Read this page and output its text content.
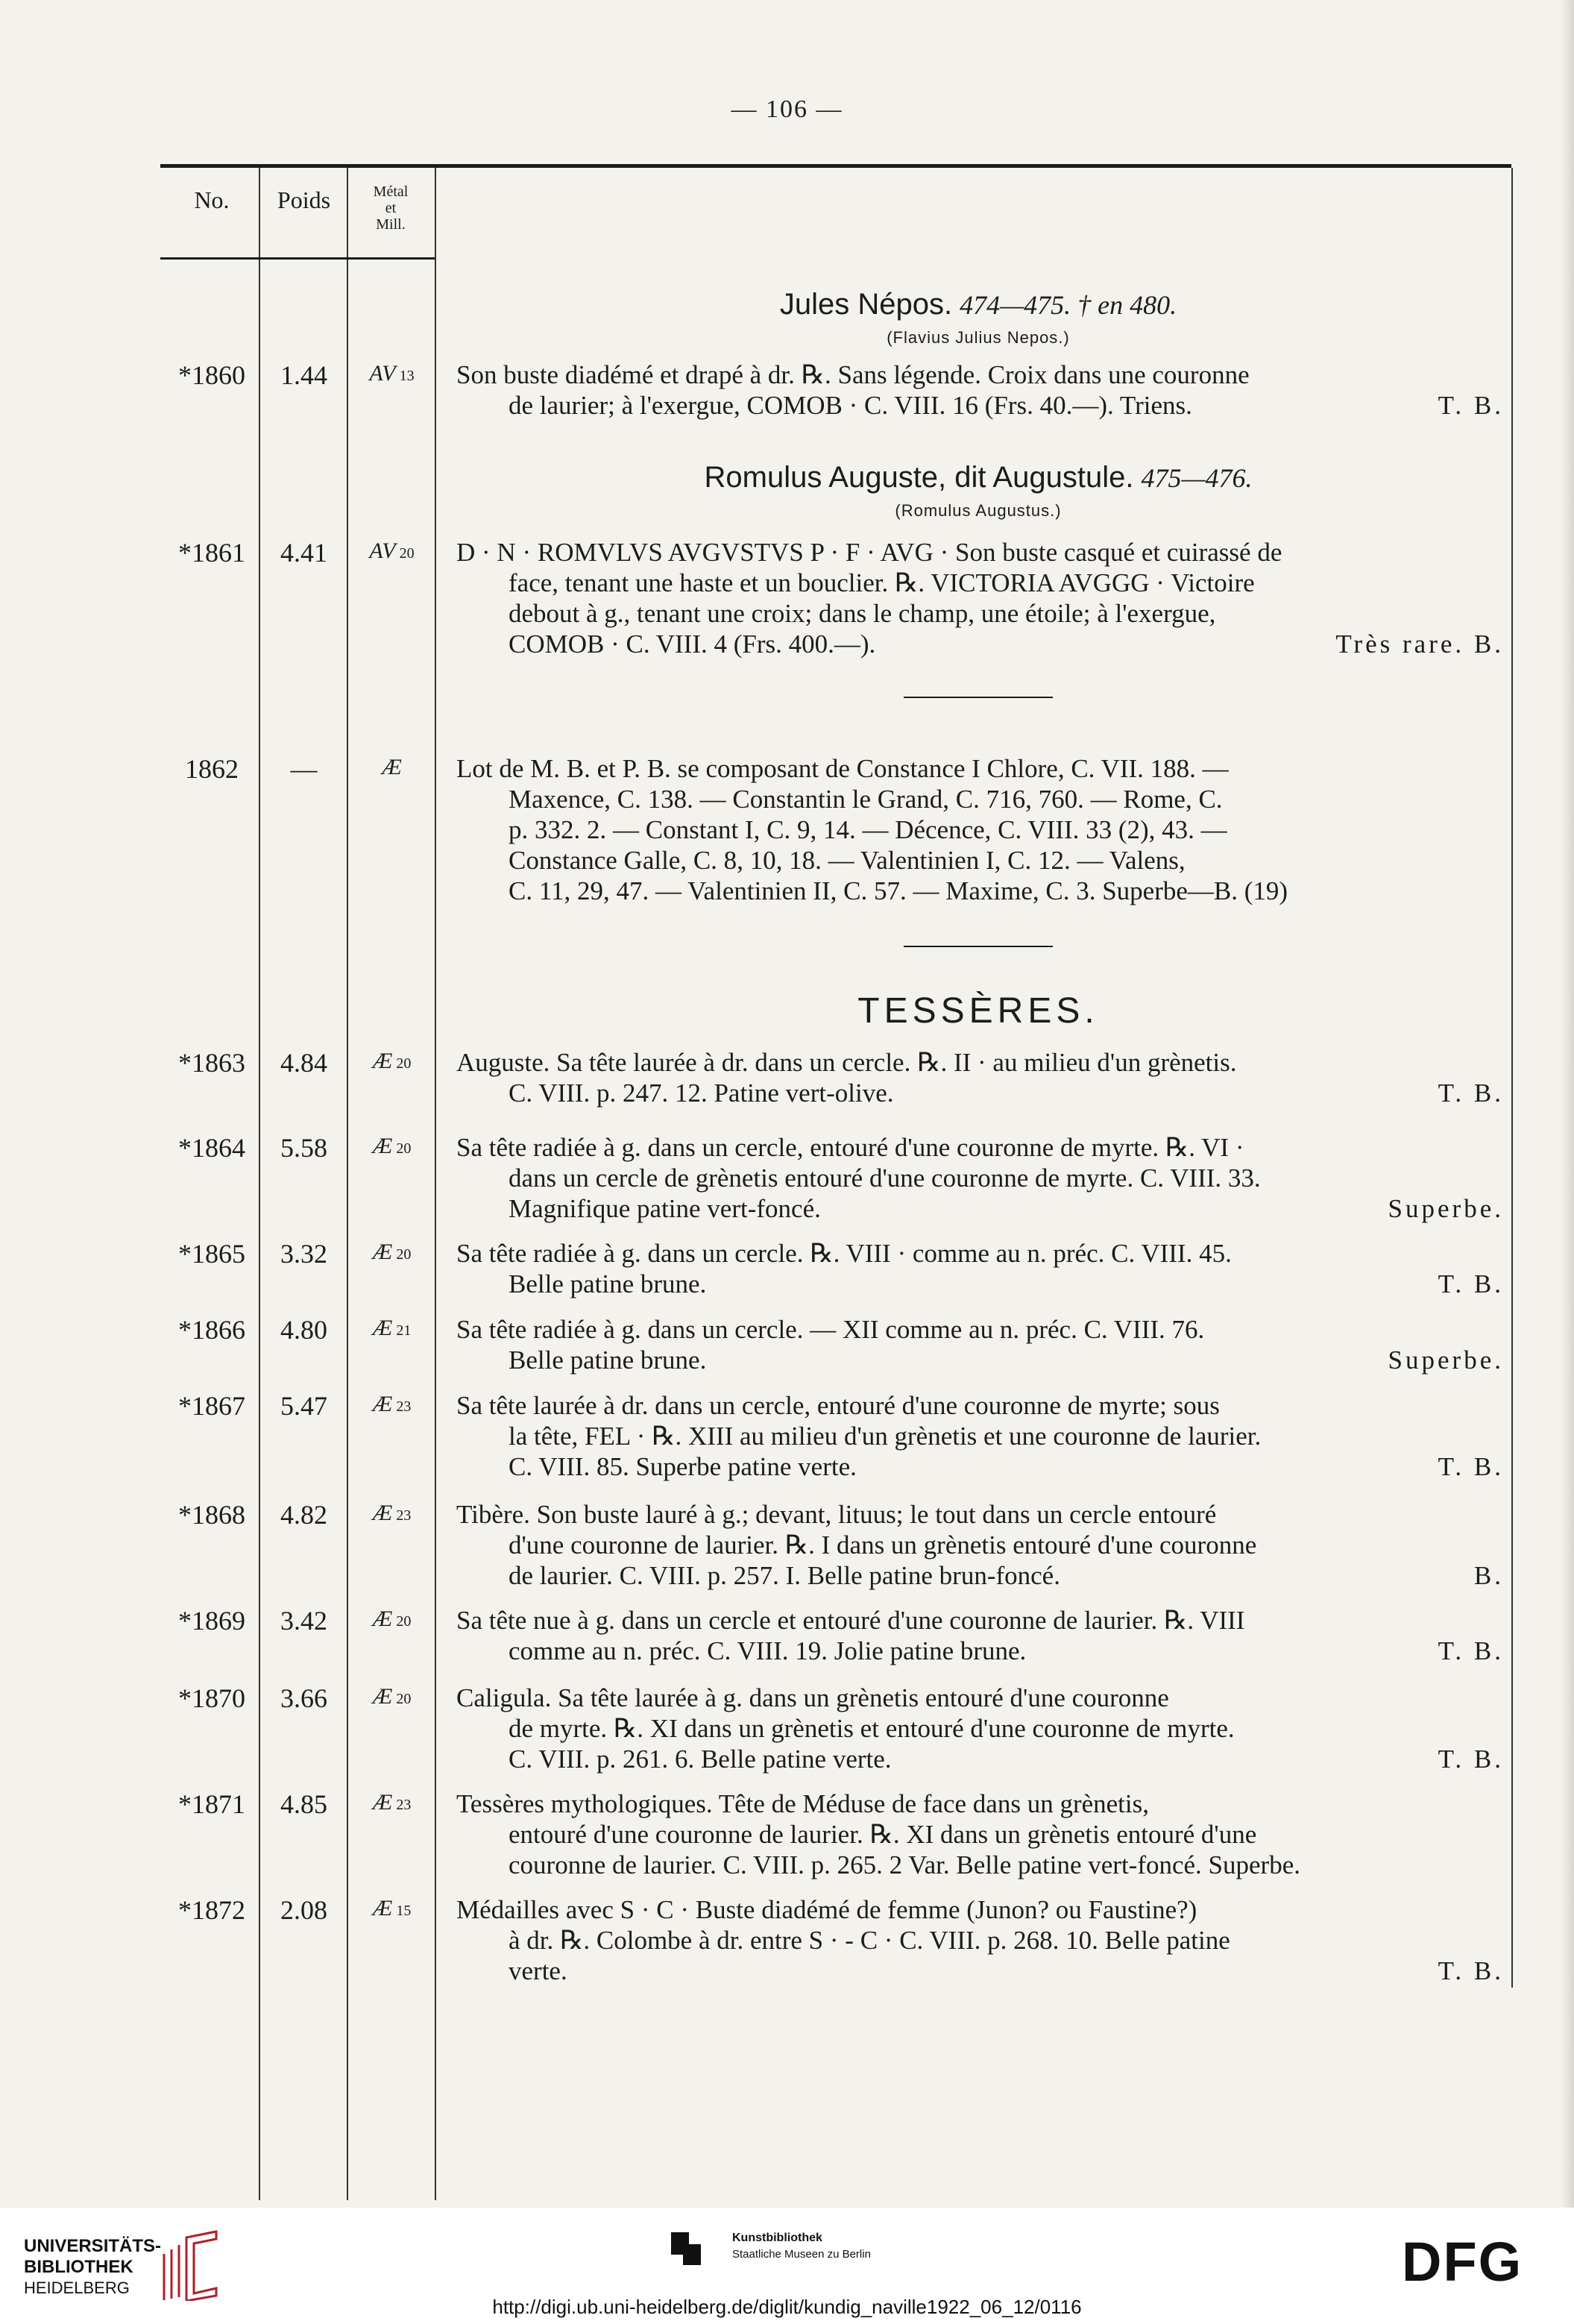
— 106 —
No.	Poids	Métal
et
Mill.
Jules Népos. 474—475. † en 480.
(Flavius Julius Nepos.)
Romulus Auguste, dit Augustule. 475—476.
(Romulus Augustus.)
TESSÈRES.
*1860	1.44	AV 13	Son buste diadémé et drapé à dr. ℞. Sans légende. Croix dans une couronne
de laurier; à l'exergue, COMOB · C. VIII. 16 (Frs. 40.—). Triens.	T. B.
*1861	4.41	AV 20	D · N · ROMVLVS AVGVSTVS P · F · AVG · Son buste casqué et cuirassé de
face, tenant une haste et un bouclier. ℞. VICTORIA AVGGG · Victoire
debout à g., tenant une croix; dans le champ, une étoile; à l'exergue,
COMOB · C. VIII. 4 (Frs. 400.—).	Très rare. B.
1862	—	Æ	Lot de M. B. et P. B. se composant de Constance I Chlore, C. VII. 188. —
Maxence, C. 138. — Constantin le Grand, C. 716, 760. — Rome, C.
p. 332. 2. — Constant I, C. 9, 14. — Décence, C. VIII. 33 (2), 43. —
Constance Galle, C. 8, 10, 18. — Valentinien I, C. 12. — Valens,
C. 11, 29, 47. — Valentinien II, C. 57. — Maxime, C. 3. Superbe—B. (19)
*1863	4.84	Æ 20	Auguste. Sa tête laurée à dr. dans un cercle. ℞. II · au milieu d'un grènetis.
C. VIII. p. 247. 12. Patine vert-olive.	T. B.
*1864	5.58	Æ 20	Sa tête radiée à g. dans un cercle, entouré d'une couronne de myrte. ℞. VI ·
dans un cercle de grènetis entouré d'une couronne de myrte. C. VIII. 33.
Magnifique patine vert-foncé.	Superbe.
*1865	3.32	Æ 20	Sa tête radiée à g. dans un cercle. ℞. VIII · comme au n. préc. C. VIII. 45.
Belle patine brune.	T. B.
*1866	4.80	Æ 21	Sa tête radiée à g. dans un cercle. — XII comme au n. préc. C. VIII. 76.
Belle patine brune.	Superbe.
*1867	5.47	Æ 23	Sa tête laurée à dr. dans un cercle, entouré d'une couronne de myrte; sous
la tête, FEL · ℞. XIII au milieu d'un grènetis et une couronne de laurier.
C. VIII. 85. Superbe patine verte.	T. B.
*1868	4.82	Æ 23	Tibère. Son buste lauré à g.; devant, lituus; le tout dans un cercle entouré
d'une couronne de laurier. ℞. I dans un grènetis entouré d'une couronne
de laurier. C. VIII. p. 257. I. Belle patine brun-foncé.	B.
*1869	3.42	Æ 20	Sa tête nue à g. dans un cercle et entouré d'une couronne de laurier. ℞. VIII
comme au n. préc. C. VIII. 19. Jolie patine brune.	T. B.
*1870	3.66	Æ 20	Caligula. Sa tête laurée à g. dans un grènetis entouré d'une couronne
de myrte. ℞. XI dans un grènetis et entouré d'une couronne de myrte.
C. VIII. p. 261. 6. Belle patine verte.	T. B.
*1871	4.85	Æ 23	Tessères mythologiques. Tête de Méduse de face dans un grènetis,
entouré d'une couronne de laurier. ℞. XI dans un grènetis entouré d'une
couronne de laurier. C. VIII. p. 265. 2 Var. Belle patine vert-foncé. Superbe.
*1872	2.08	Æ 15	Médailles avec S · C · Buste diadémé de femme (Junon? ou Faustine?)
à dr. ℞. Colombe à dr. entre S · - C · C. VIII. p. 268. 10. Belle patine
verte.	T. B.
UNIVERSITÄTS-
BIBLIOTHEK
HEIDELBERG
Kunstbibliothek
Staatliche Museen zu Berlin	DFG
http://digi.ub.uni-heidelberg.de/diglit/kundig_naville1922_06_12/0116
